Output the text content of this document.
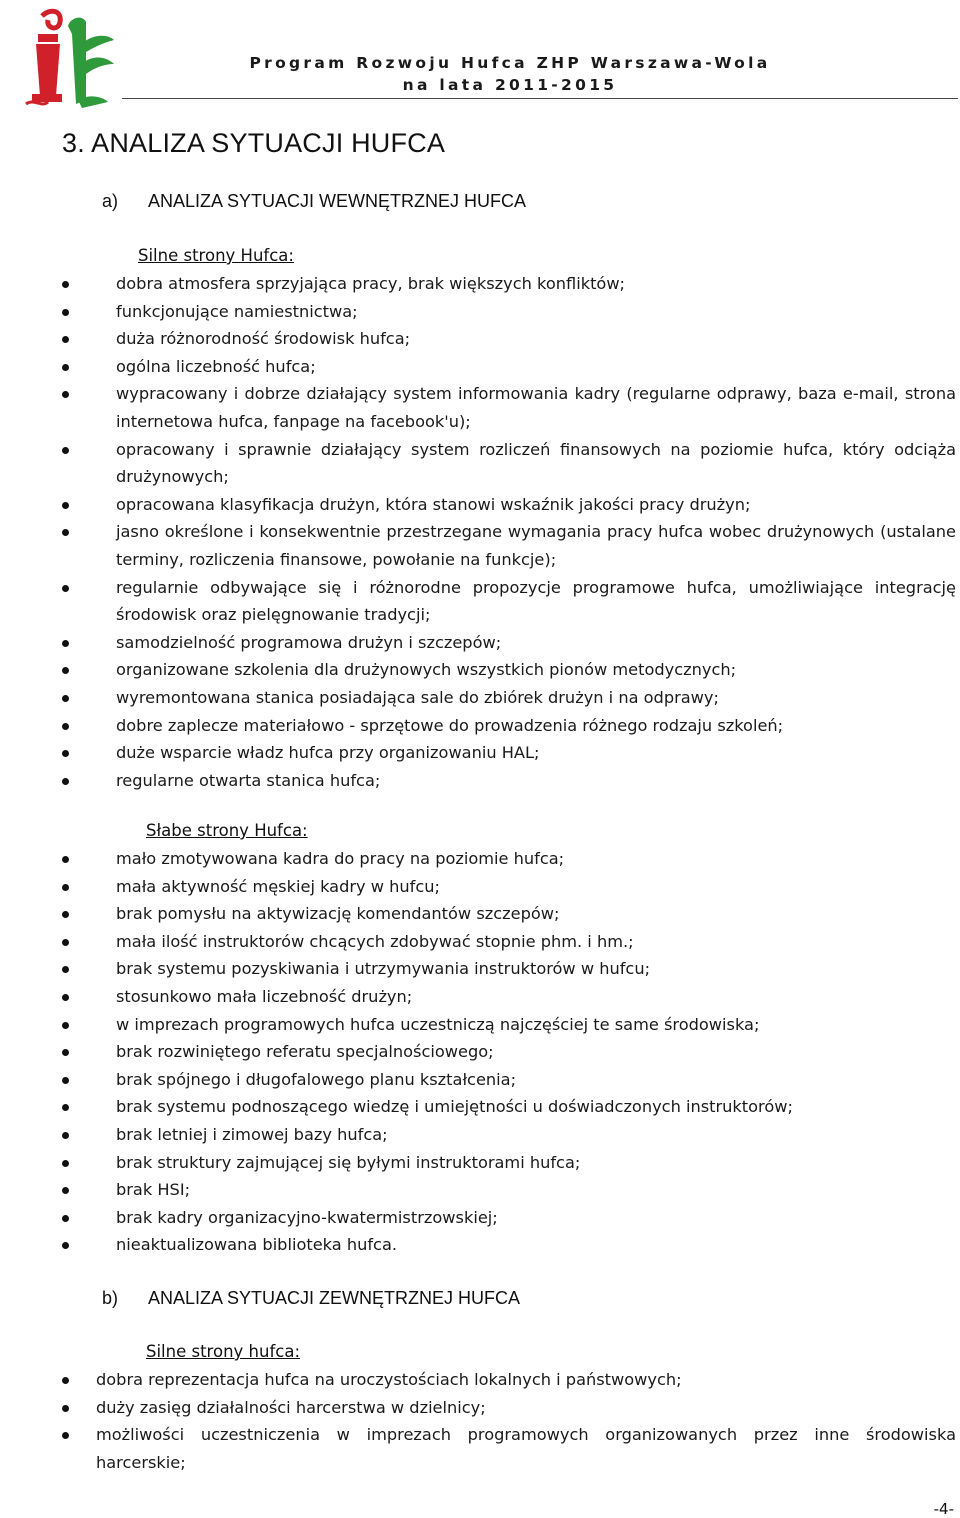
Program Rozwoju Hufca ZHP Warszawa-Wola
na lata 2011-2015
3. ANALIZA SYTUACJI HUFCA
a) ANALIZA SYTUACJI WEWNĘTRZNEJ HUFCA
Silne strony Hufca:
dobra atmosfera sprzyjająca pracy, brak większych konfliktów;
funkcjonujące namiestnictwa;
duża różnorodność środowisk hufca;
ogólna liczebność hufca;
wypracowany i dobrze działający system informowania kadry (regularne odprawy, baza e-mail, strona internetowa hufca, fanpage na facebook'u);
opracowany i sprawnie działający system rozliczeń finansowych na poziomie hufca, który odciąża drużynowych;
opracowana klasyfikacja drużyn, która stanowi wskaźnik jakości pracy drużyn;
jasno określone i konsekwentnie przestrzegane wymagania pracy hufca wobec drużynowych (ustalane terminy, rozliczenia finansowe, powołanie na funkcje);
regularnie odbywające się i różnorodne propozycje programowe hufca, umożliwiające integrację środowisk oraz pielęgnowanie tradycji;
samodzielność programowa drużyn i szczepów;
organizowane szkolenia dla drużynowych wszystkich pionów metodycznych;
wyremontowana stanica posiadająca sale do zbiórek drużyn i na odprawy;
dobre zaplecze materiałowo - sprzętowe do prowadzenia różnego rodzaju szkoleń;
duże wsparcie władz hufca przy organizowaniu HAL;
regularne otwarta stanica hufca;
Słabe strony Hufca:
mało zmotywowana kadra do pracy na poziomie hufca;
mała aktywność męskiej kadry w hufcu;
brak pomysłu na aktywizację komendantów szczepów;
mała ilość instruktorów chcących zdobywać stopnie phm. i hm.;
brak systemu pozyskiwania i utrzymywania instruktorów w hufcu;
stosunkowo mała liczebność drużyn;
w imprezach programowych hufca uczestniczą najczęściej te same środowiska;
brak rozwiniętego referatu specjalnościowego;
brak spójnego i długofalowego planu kształcenia;
brak systemu podnoszącego wiedzę i umiejętności u doświadczonych instruktorów;
brak letniej i zimowej bazy hufca;
brak struktury zajmującej się byłymi instruktorami hufca;
brak HSI;
brak kadry organizacyjno-kwatermistrzowskiej;
nieaktualizowana biblioteka hufca.
b) ANALIZA SYTUACJI ZEWNĘTRZNEJ HUFCA
Silne strony hufca:
dobra reprezentacja hufca na uroczystościach lokalnych i państwowych;
duży zasięg działalności harcerstwa w dzielnicy;
możliwości uczestniczenia w imprezach programowych organizowanych przez inne środowiska harcerskie;
-4-
